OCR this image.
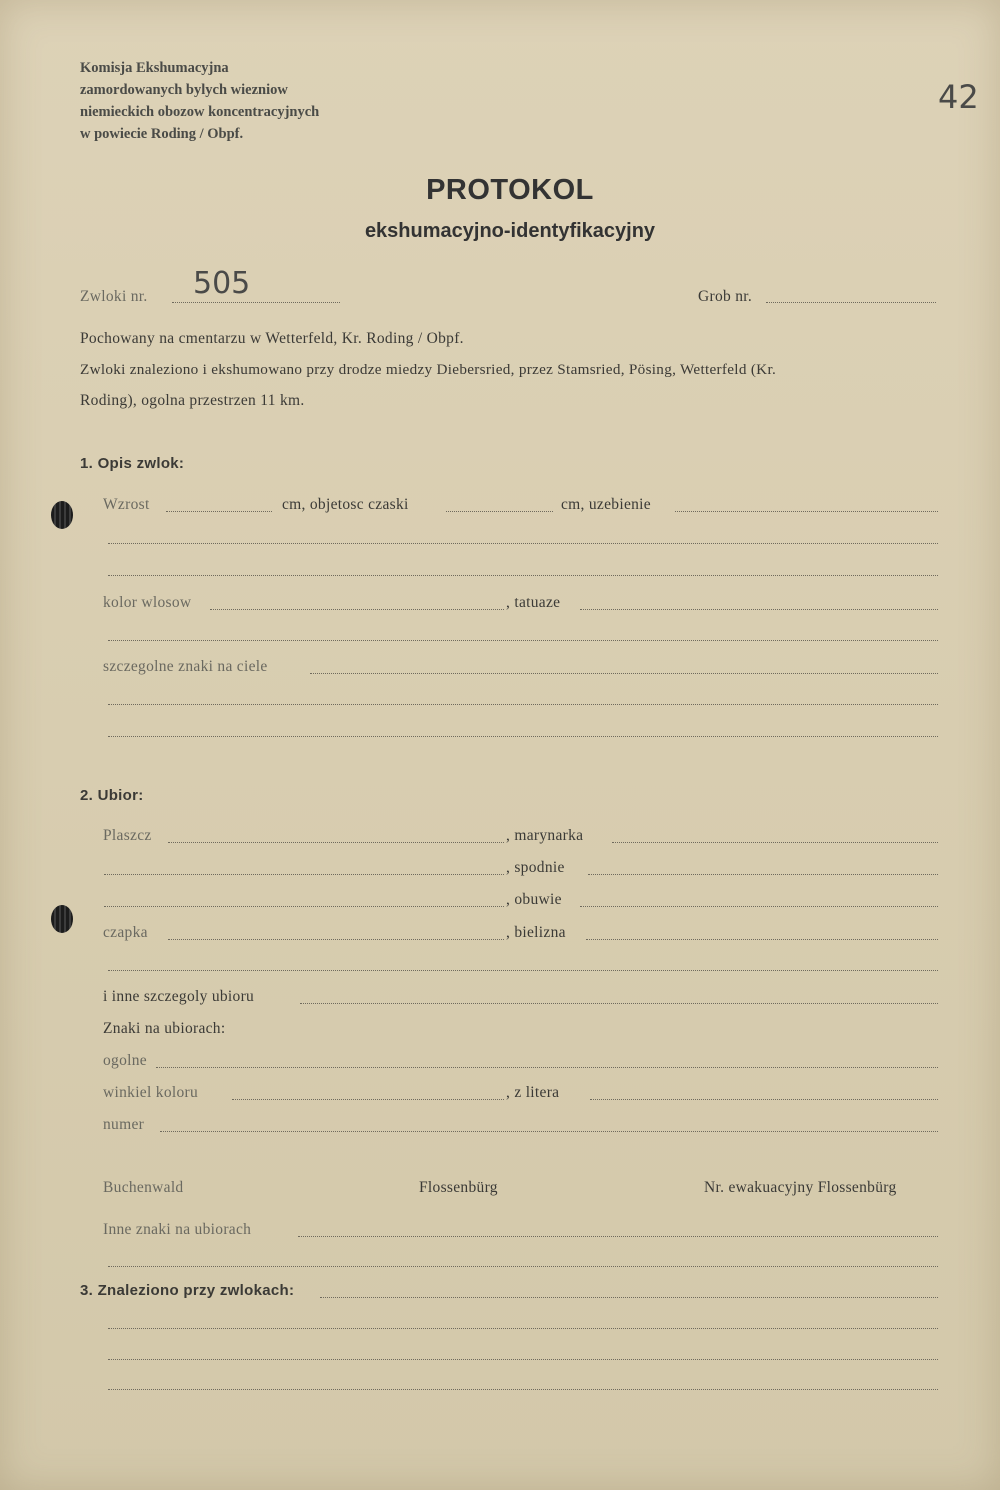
Komisja Ekshumacyjna
zamordowanych bylych wiezniow
niemieckich obozow koncentracyjnych
w powiecie Roding / Obpf.
42
PROTOKOL
ekshumacyjno-identyfikacyjny
Zwloki nr. 505	Grob nr.
Pochowany na cmentarzu w Wetterfeld, Kr. Roding / Obpf.
Zwloki znaleziono i ekshumowano przy drodze miedzy Diebersried, przez Stamsried, Pösing, Wetterfeld (Kr.
Roding), ogolna przestrzen 11 km.
1. Opis zwlok:
Wzrost	cm, objetosc czaski	cm, uzebienie
kolor wlosow	, tatuaze
szczegolne znaki na ciele
2. Ubior:
Plaszcz	, marynarka
, spodnie
, obuwie
czapka	, bielizna
i inne szczegoly ubioru
Znaki na ubiorach:
ogolne
winkiel koloru	, z litera
numer
Buchenwald	Flossenbürg	Nr. ewakuacyjny Flossenbürg
Inne znaki na ubiorach
3. Znaleziono przy zwlokach:
